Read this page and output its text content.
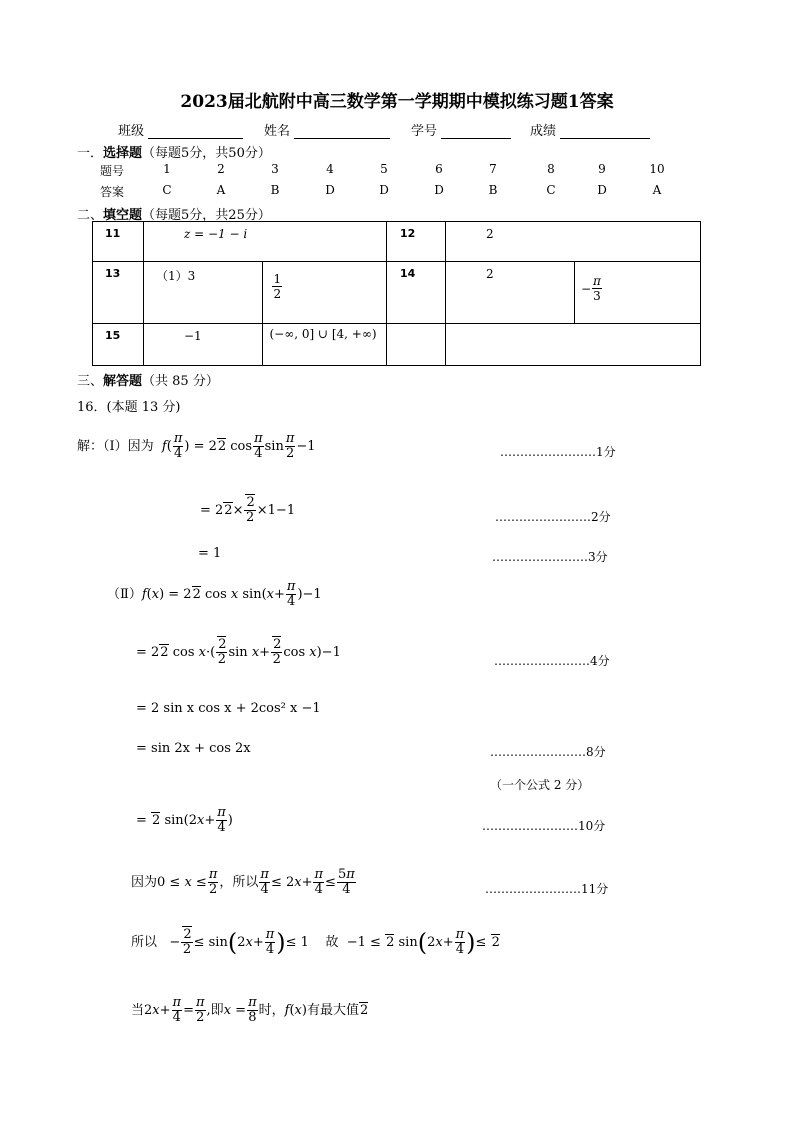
2023届北航附中高三数学第一学期期中模拟练习题1答案
班级	姓名	学号	成绩
一．选择题（每题5分，共50分）
题号
答案
1	2	3	4	5	6	7	8	9	10
C	A	B	D	D	D	B	C	D	A
二、填空题（每题5分，共25分）
11	z = −1 − i		12	2	

13	（1）3	$\frac{1}{2}$	14	2	− $\frac{\pi}{3}$

15	−1	(−∞, 0] ∪ [4, +∞)			

三、解答题（共 85 分）
16．(本题 13 分)
解：（Ⅰ）因为  $f( \frac{\pi}{4}$ ) = 22 $\cos \frac{\pi}{4}$ $\sin \frac{\pi}{2} -1$	……………………1分
= $22\times \frac{2}{2} \times 1-1$	……………………2分
= 1	……………………3分
（Ⅱ）f(x) = 22 cos x $\sin(x+ \frac{\pi}{4} )-1$
= 22 $\cos x\cdot( \frac{2}{2}$ $\sin x+ \frac{2}{2}$ cos x)−1
……………………4分
= 2 sin x cos x + 2cos² x −1
= sin 2x + cos 2x	……………………8分
（一个公式 2 分）
= 2 $\sin(2x+ \frac{\pi}{4}$ )	……………………10分
因为$0 \le x \le \frac{\pi}{2}$ ，所以 $\frac{\pi}{4} \le 2x+ \frac{\pi}{4} \le \frac{5\pi}{4}$	……………………11分
所以   − $\frac{2}{2} \le \sin(2x+ \frac{\pi}{4}$ )≤ 1    故  −1 ≤ 2 $\sin(2x+ \frac{\pi}{4}$ )≤ 2
当$2x+ \frac{\pi}{4} = \frac{\pi}{2}$ ,即$x = \frac{\pi}{8}$ 时，f(x)有最大值2
